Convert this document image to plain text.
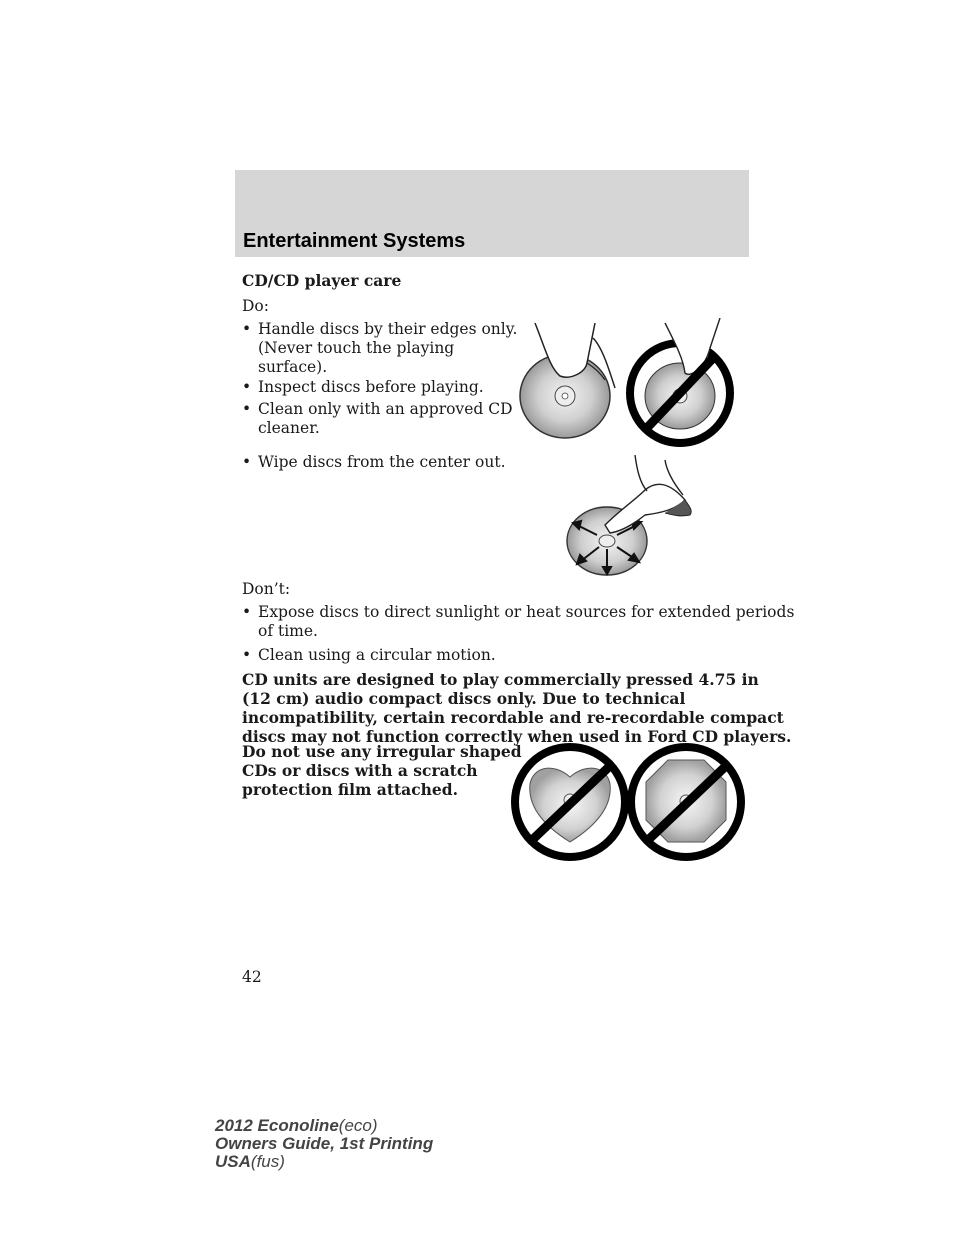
Entertainment Systems
CD/CD player care
Do:
• Handle discs by their edges only.
(Never touch the playing
surface).
• Inspect discs before playing.
• Clean only with an approved CD
cleaner.
• Wipe discs from the center out.
Don’t:
• Expose discs to direct sunlight or heat sources for extended periods
of time.
• Clean using a circular motion.
CD units are designed to play commercially pressed 4.75 in
(12 cm) audio compact discs only. Due to technical
incompatibility, certain recordable and re-recordable compact
discs may not function correctly when used in Ford CD players.
Do not use any irregular shaped
CDs or discs with a scratch
protection film attached.
42
2012 Econoline(eco)
Owners Guide, 1st Printing
USA(fus)
